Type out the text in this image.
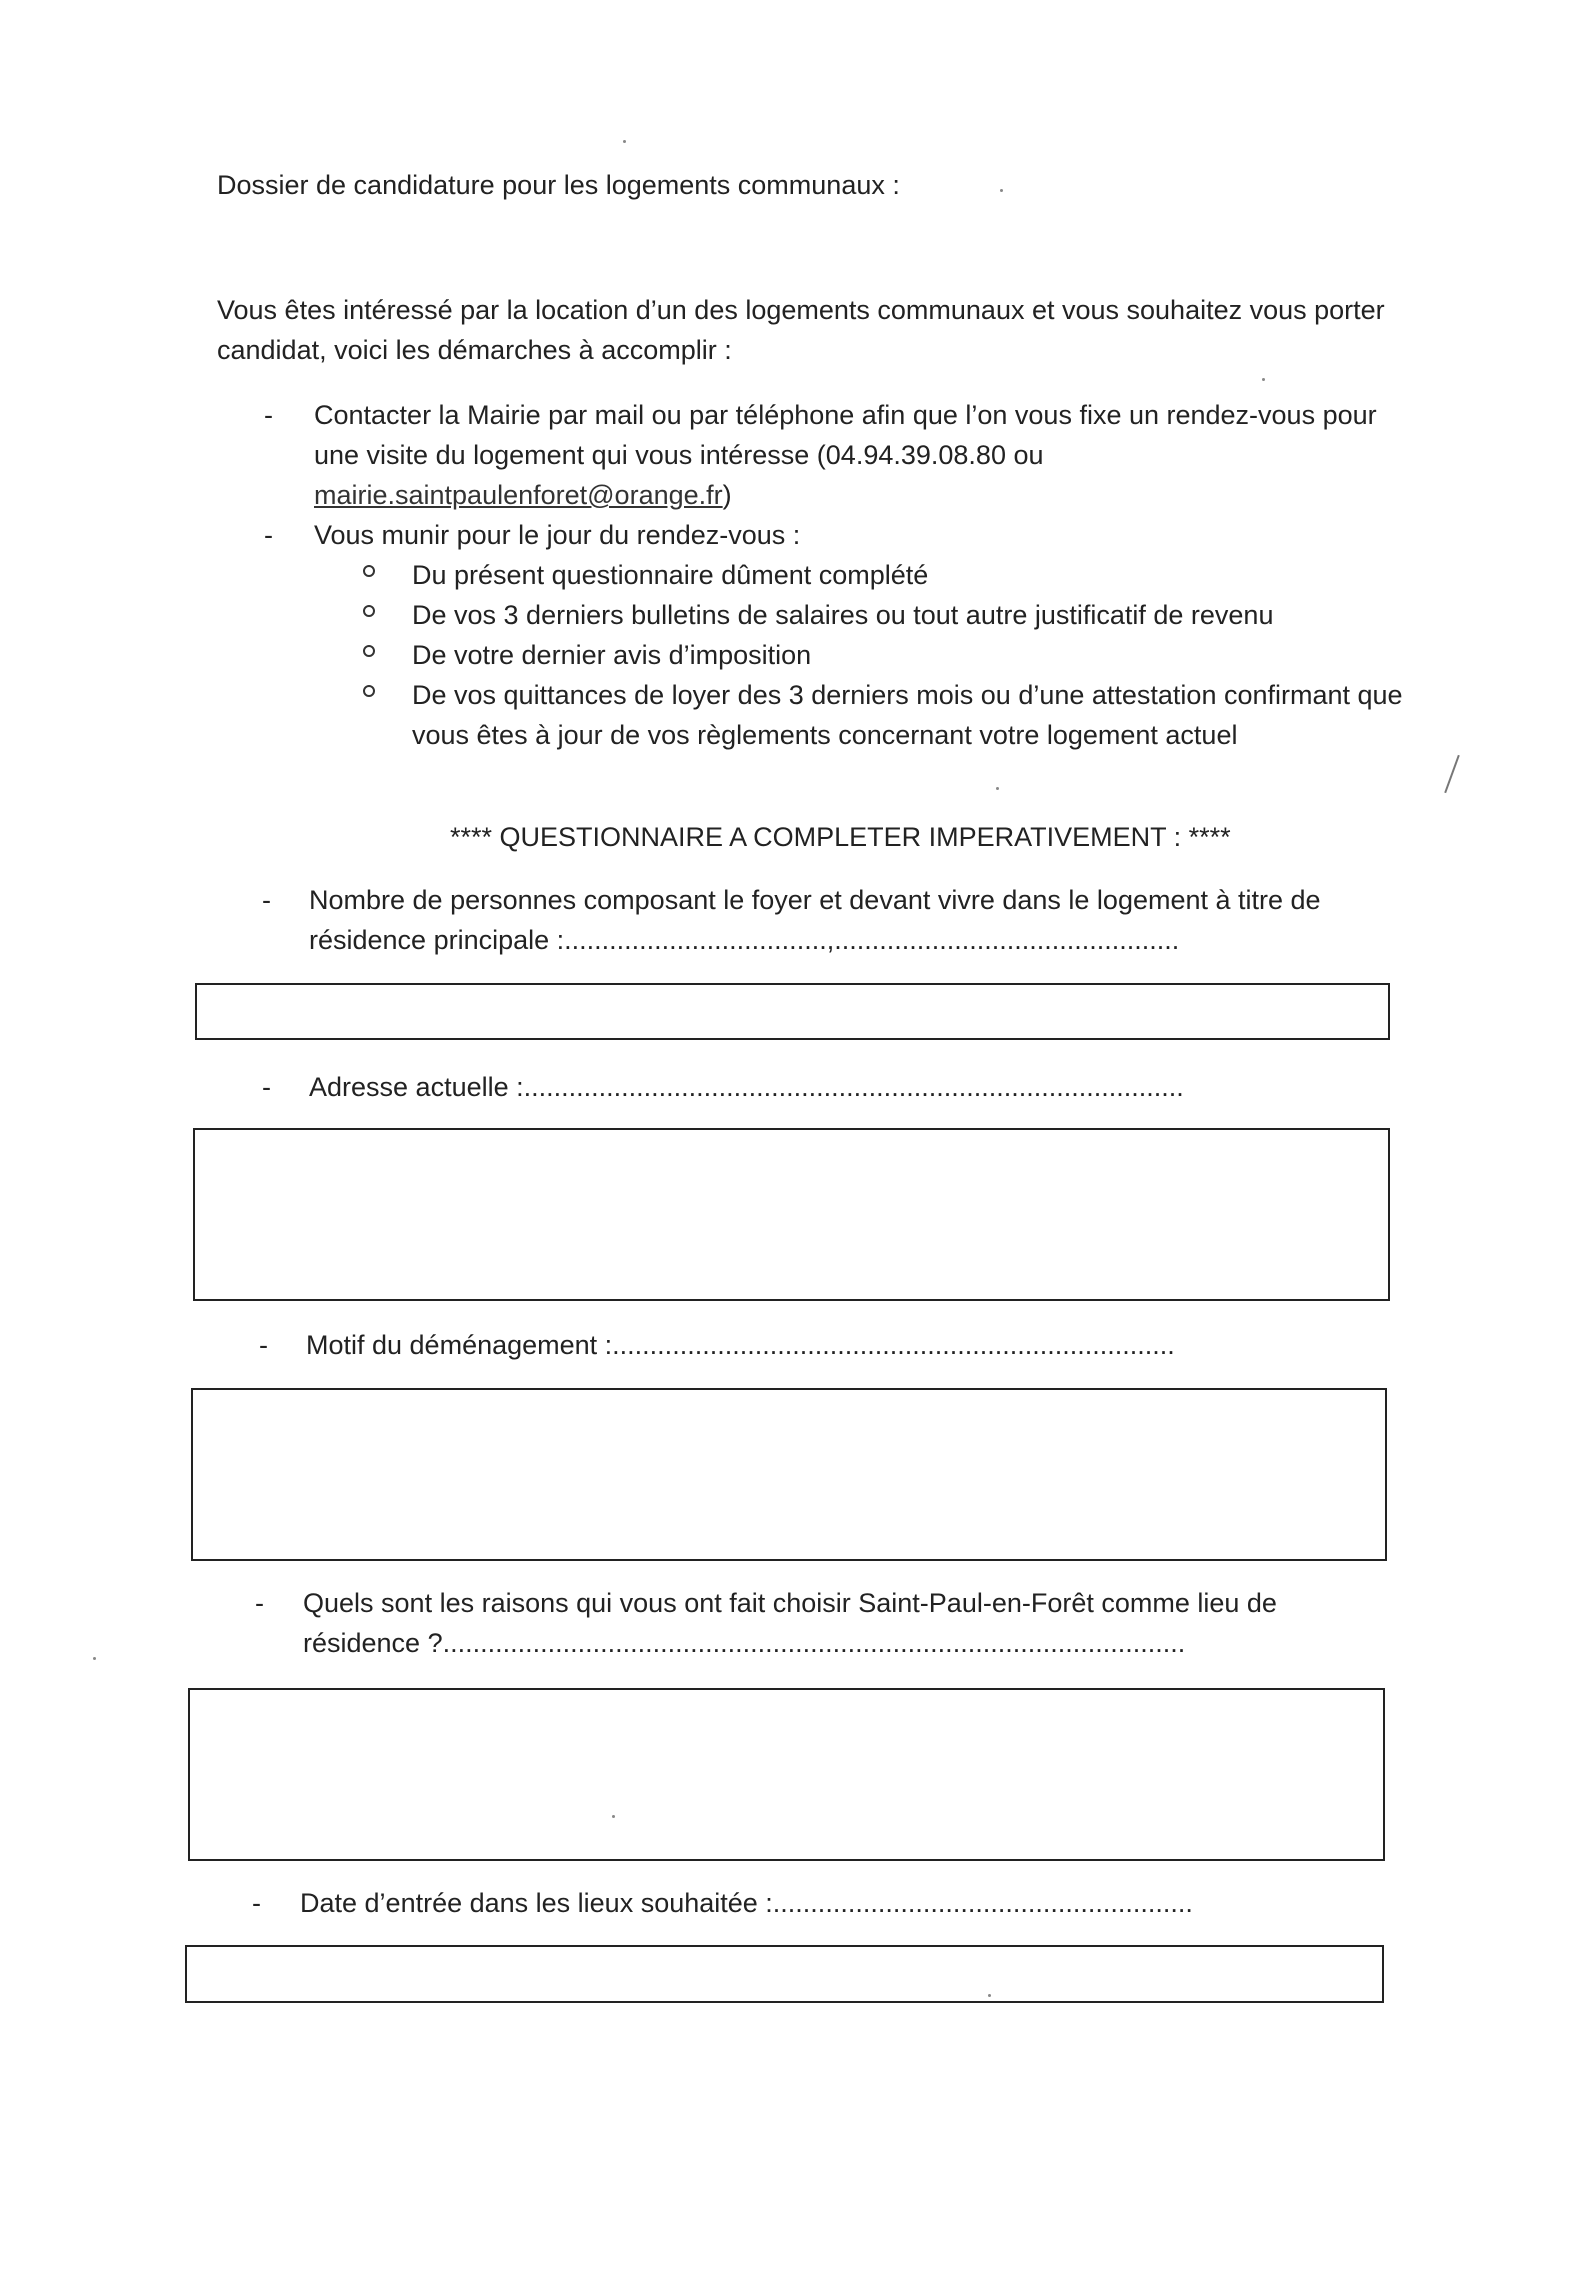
Dossier de candidature pour les logements communaux :
Vous êtes intéressé par la location d’un des logements communaux et vous souhaitez vous porter
candidat, voici les démarches à accomplir :
- Contacter la Mairie par mail ou par téléphone afin que l’on vous fixe un rendez-vous pour
une visite du logement qui vous intéresse (04.94.39.08.80 ou
mairie.saintpaulenforet@orange.fr)
- Vous munir pour le jour du rendez-vous :
Du présent questionnaire dûment complété
De vos 3 derniers bulletins de salaires ou tout autre justificatif de revenu
De votre dernier avis d’imposition
De vos quittances de loyer des 3 derniers mois ou d’une attestation confirmant que
vous êtes à jour de vos règlements concernant votre logement actuel
**** QUESTIONNAIRE A COMPLETER IMPERATIVEMENT : ****
- Nombre de personnes composant le foyer et devant vivre dans le logement à titre de
résidence principale :...................................,..............................................
- Adresse actuelle :........................................................................................
- Motif du déménagement :...........................................................................
- Quels sont les raisons qui vous ont fait choisir Saint-Paul-en-Forêt comme lieu de
résidence ?...................................................................................................
- Date d’entrée dans les lieux souhaitée :........................................................
